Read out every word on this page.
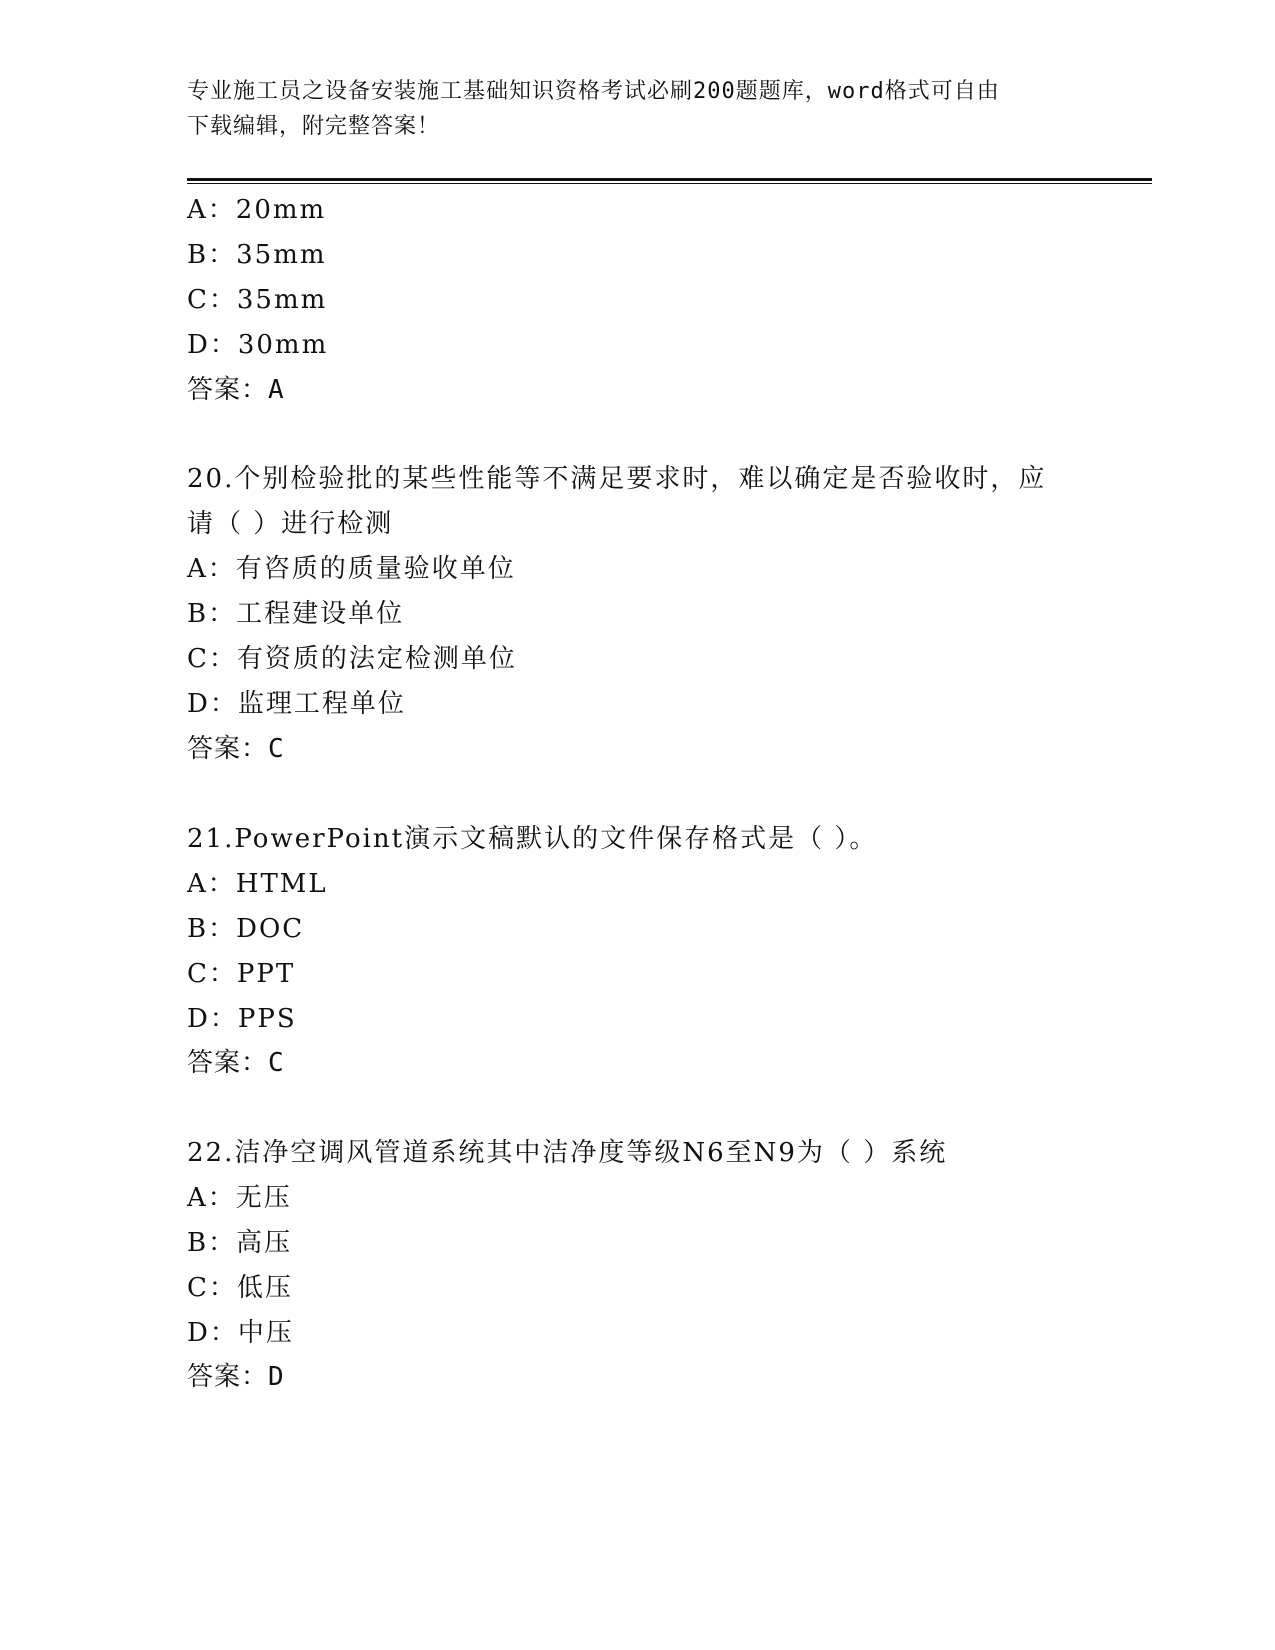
专业施工员之设备安装施工基础知识资格考试必刷200题题库，word格式可自由
下载编辑，附完整答案！
A：20mm
B：35mm
C：35mm
D：30mm
答案：A
20.个别检验批的某些性能等不满足要求时，难以确定是否验收时，应
请（ ）进行检测
A：有咨质的质量验收单位
B：工程建设单位
C：有资质的法定检测单位
D：监理工程单位
答案：C
21.PowerPoint演示文稿默认的文件保存格式是（ ）。
A：HTML
B：DOC
C：PPT
D：PPS
答案：C
22.洁净空调风管道系统其中洁净度等级N6至N9为（ ）系统
A：无压
B：高压
C：低压
D：中压
答案：D
